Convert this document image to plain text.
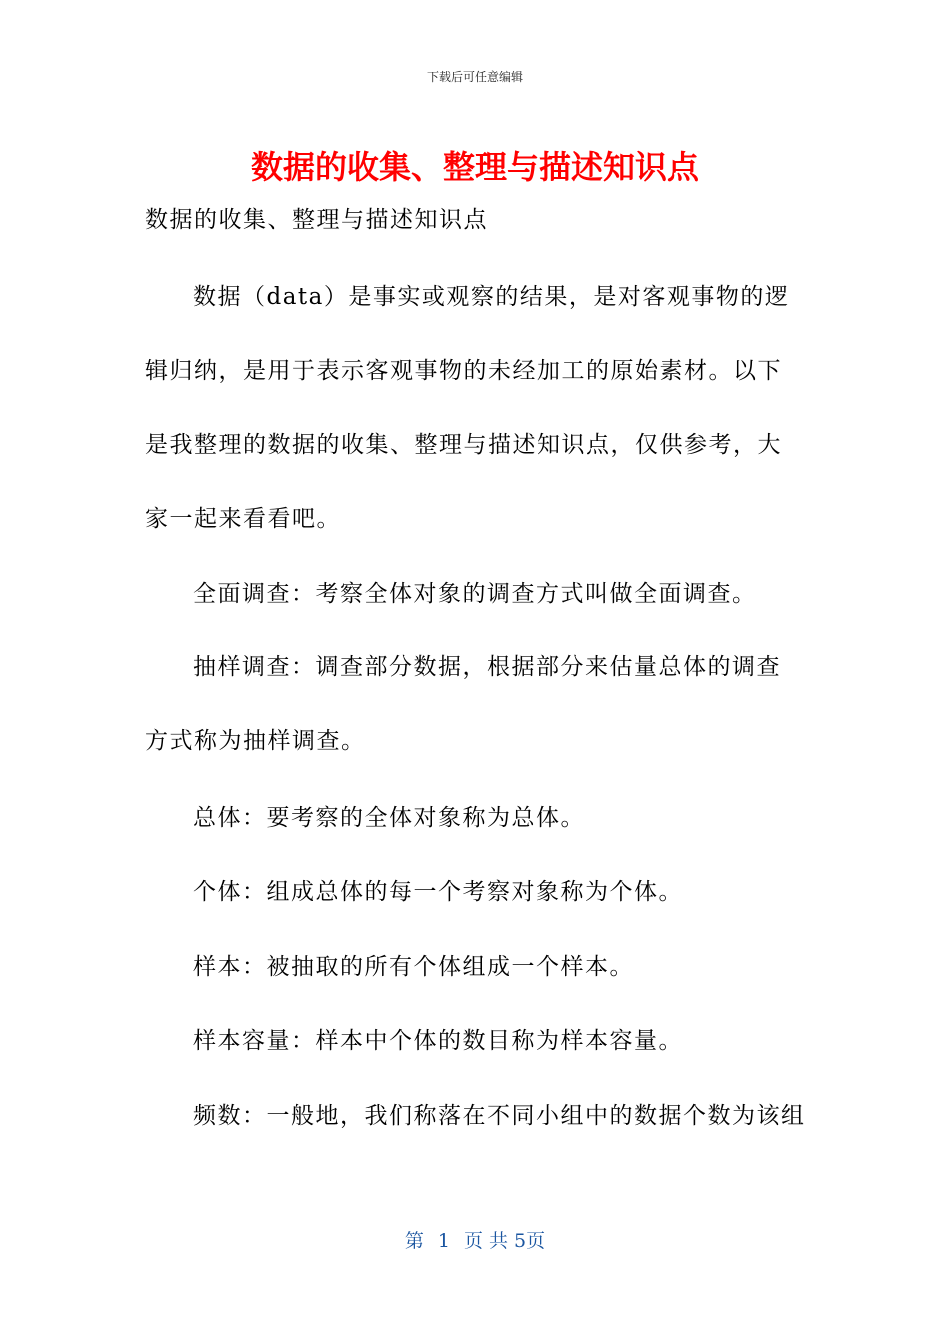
下载后可任意编辑
数据的收集、整理与描述知识点
数据的收集、整理与描述知识点
数据（data）是事实或观察的结果，是对客观事物的逻辑归纳，是用于表示客观事物的未经加工的原始素材。以下是我整理的数据的收集、整理与描述知识点，仅供参考，大家一起来看看吧。
全面调查：考察全体对象的调查方式叫做全面调查。
抽样调查：调查部分数据，根据部分来估量总体的调查方式称为抽样调查。
总体：要考察的全体对象称为总体。
个体：组成总体的每一个考察对象称为个体。
样本：被抽取的所有个体组成一个样本。
样本容量：样本中个体的数目称为样本容量。
频数：一般地，我们称落在不同小组中的数据个数为该组
第 1 页 共 5页
